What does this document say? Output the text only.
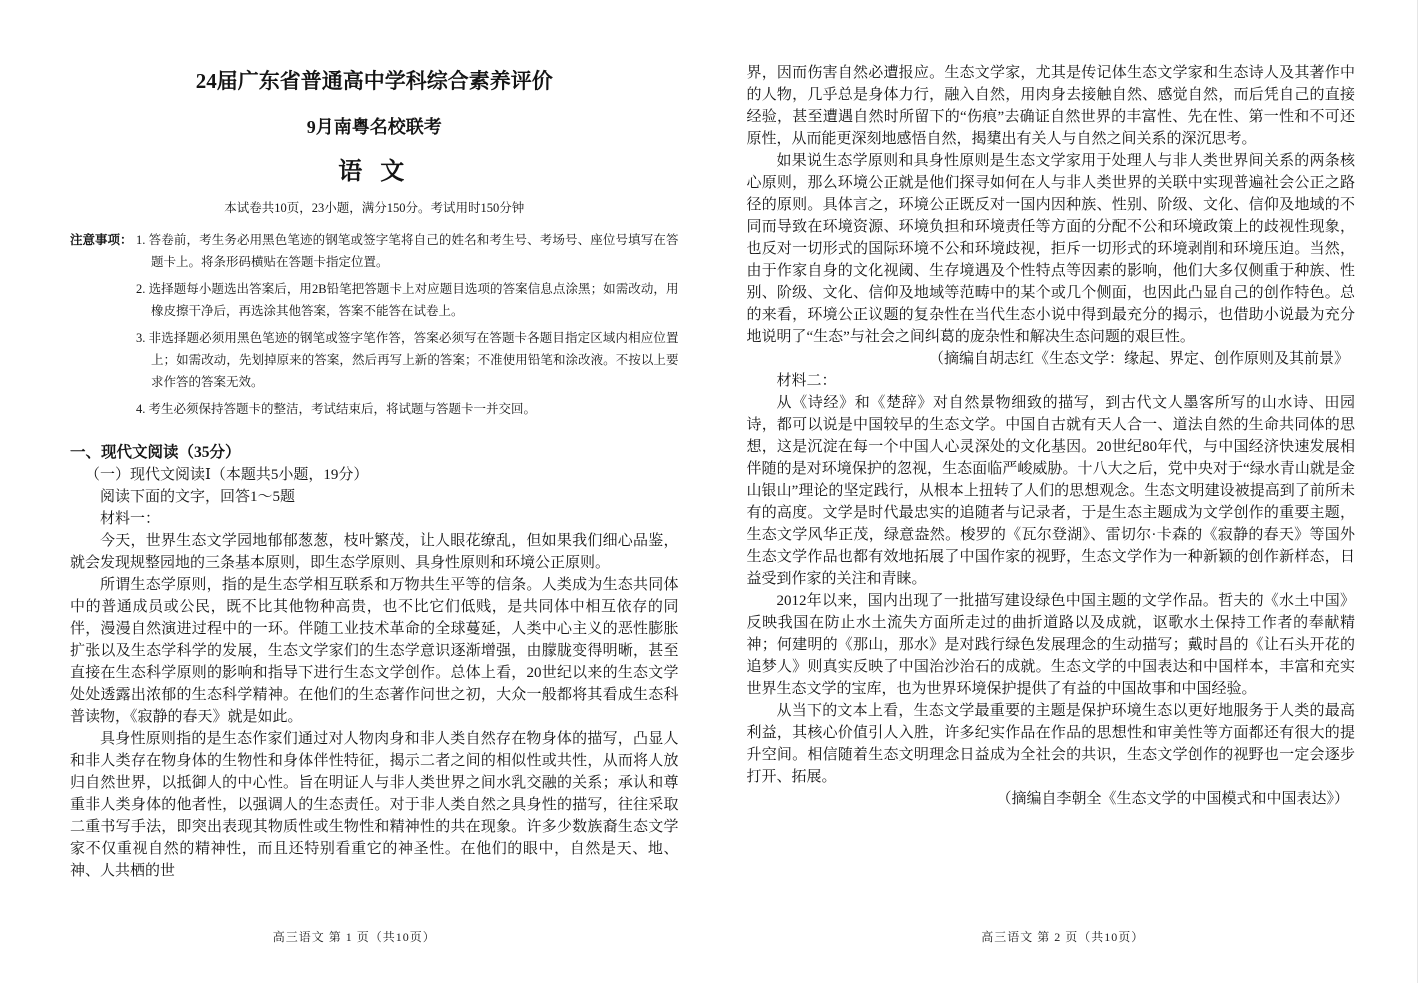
24届广东省普通高中学科综合素养评价
9月南粤名校联考
语 文
本试卷共10页，23小题，满分150分。考试用时150分钟
注意事项： 1. 答卷前，考生务必用黑色笔迹的钢笔或签字笔将自己的姓名和考生号、考场号、座位号填写在答题卡上。将条形码横贴在答题卡指定位置。
2. 选择题每小题选出答案后，用2B铅笔把答题卡上对应题目选项的答案信息点涂黑；如需改动，用橡皮擦干净后，再选涂其他答案，答案不能答在试卷上。
3. 非选择题必须用黑色笔迹的钢笔或签字笔作答，答案必须写在答题卡各题目指定区域内相应位置上；如需改动，先划掉原来的答案，然后再写上新的答案；不准使用铅笔和涂改液。不按以上要求作答的答案无效。
4. 考生必须保持答题卡的整洁，考试结束后，将试题与答题卡一并交回。
一、现代文阅读（35分）
（一）现代文阅读Ⅰ（本题共5小题，19分）
阅读下面的文字，回答1～5题
材料一：

今天，世界生态文学园地郁郁葱葱，枝叶繁茂，让人眼花缭乱，但如果我们细心品鉴，就会发现规整园地的三条基本原则，即生态学原则、具身性原则和环境公正原则。

所谓生态学原则，指的是生态学相互联系和万物共生平等的信条。人类成为生态共同体中的普通成员或公民，既不比其他物种高贵，也不比它们低贱，是共同体中相互依存的同伴，漫漫自然演进过程中的一环。伴随工业技术革命的全球蔓延，人类中心主义的恶性膨胀扩张以及生态学科学的发展，生态文学家们的生态学意识逐渐增强，由朦胧变得明晰，甚至直接在生态科学原则的影响和指导下进行生态文学创作。总体上看，20世纪以来的生态文学处处透露出浓郁的生态科学精神。在他们的生态著作问世之初，大众一般都将其看成生态科普读物，《寂静的春天》就是如此。

具身性原则指的是生态作家们通过对人物肉身和非人类自然存在物身体的描写，凸显人和非人类存在物身体的生物性和身体伴性特征，揭示二者之间的相似性或共性，从而将人放归自然世界，以抵御人的中心性。旨在明证人与非人类世界之间水乳交融的关系；承认和尊重非人类身体的他者性，以强调人的生态责任。对于非人类自然之具身性的描写，往往采取二重书写手法，即突出表现其物质性或生物性和精神性的共在现象。许多少数族裔生态文学家不仅重视自然的精神性，而且还特别看重它的神圣性。在他们的眼中，自然是天、地、神、人共栖的世

高三语文 第 1 页（共10页）

界，因而伤害自然必遭报应。生态文学家，尤其是传记体生态文学家和生态诗人及其著作中的人物，几乎总是身体力行，融入自然，用肉身去接触自然、感觉自然，而后凭自己的直接经验，甚至遭遇自然时所留下的“伤痕”去确证自然世界的丰富性、先在性、第一性和不可还原性，从而能更深刻地感悟自然，揭橥出有关人与自然之间关系的深沉思考。

如果说生态学原则和具身性原则是生态文学家用于处理人与非人类世界间关系的两条核心原则，那么环境公正就是他们探寻如何在人与非人类世界的关联中实现普遍社会公正之路径的原则。具体言之，环境公正既反对一国内因种族、性别、阶级、文化、信仰及地域的不同而导致在环境资源、环境负担和环境责任等方面的分配不公和环境政策上的歧视性现象，也反对一切形式的国际环境不公和环境歧视，拒斥一切形式的环境剥削和环境压迫。当然，由于作家自身的文化视阈、生存境遇及个性特点等因素的影响，他们大多仅侧重于种族、性别、阶级、文化、信仰及地域等范畴中的某个或几个侧面，也因此凸显自己的创作特色。总的来看，环境公正议题的复杂性在当代生态小说中得到最充分的揭示，也借助小说最为充分地说明了“生态”与社会之间纠葛的庞杂性和解决生态问题的艰巨性。

（摘编自胡志红《生态文学：缘起、界定、创作原则及其前景》
材料二：

从《诗经》和《楚辞》对自然景物细致的描写，到古代文人墨客所写的山水诗、田园诗，都可以说是中国较早的生态文学。中国自古就有天人合一、道法自然的生命共同体的思想，这是沉淀在每一个中国人心灵深处的文化基因。20世纪80年代，与中国经济快速发展相伴随的是对环境保护的忽视，生态面临严峻威胁。十八大之后，党中央对于“绿水青山就是金山银山”理论的坚定践行，从根本上扭转了人们的思想观念。生态文明建设被提高到了前所未有的高度。文学是时代最忠实的追随者与记录者，于是生态主题成为文学创作的重要主题，生态文学风华正茂，绿意盎然。梭罗的《瓦尔登湖》、雷切尔·卡森的《寂静的春天》等国外生态文学作品也都有效地拓展了中国作家的视野，生态文学作为一种新颖的创作新样态，日益受到作家的关注和青睐。

2012年以来，国内出现了一批描写建设绿色中国主题的文学作品。哲夫的《水土中国》反映我国在防止水土流失方面所走过的曲折道路以及成就，讴歌水土保持工作者的奉献精神；何建明的《那山，那水》是对践行绿色发展理念的生动描写；戴时昌的《让石头开花的追梦人》则真实反映了中国治沙治石的成就。生态文学的中国表达和中国样本，丰富和充实世界生态文学的宝库，也为世界环境保护提供了有益的中国故事和中国经验。

从当下的文本上看，生态文学最重要的主题是保护环境生态以更好地服务于人类的最高利益，其核心价值引人入胜，许多纪实作品在作品的思想性和审美性等方面都还有很大的提升空间。相信随着生态文明理念日益成为全社会的共识，生态文学创作的视野也一定会逐步打开、拓展。

（摘编自李朝全《生态文学的中国模式和中国表达》）
高三语文 第 2 页（共10页）
